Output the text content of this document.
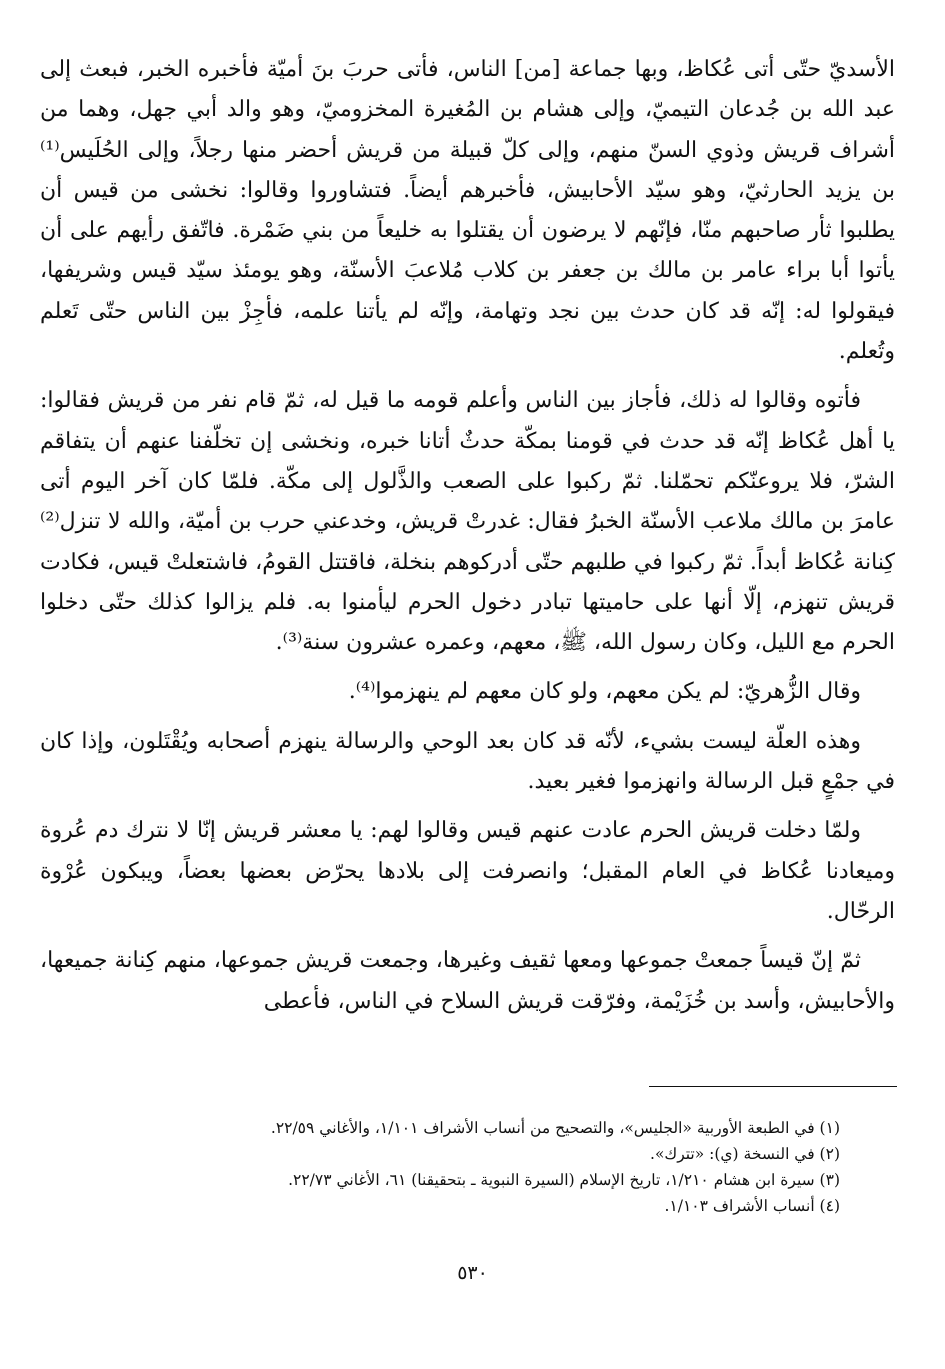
الأسديّ حتّى أتى عُكاظ، وبها جماعة [من] الناس، فأتى حربَ بنَ أميّة فأخبره الخبر، فبعث إلى عبد الله بن جُدعان التيميّ، وإلى هشام بن المُغيرة المخزوميّ، وهو والد أبي جهل، وهما من أشراف قريش وذوي السنّ منهم، وإلى كلّ قبيلة من قريش أحضر منها رجلاً، وإلى الحُلَيس⁽¹⁾ بن يزيد الحارثيّ، وهو سيّد الأحابيش، فأخبرهم أيضاً. فتشاوروا وقالوا: نخشى من قيس أن يطلبوا ثأر صاحبهم منّا، فإنّهم لا يرضون أن يقتلوا به خليعاً من بني ضَمْرة. فاتّفق رأيهم على أن يأتوا أبا براء عامر بن مالك بن جعفر بن كلاب مُلاعبَ الأسنّة، وهو يومئذ سيّد قيس وشريفها، فيقولوا له: إنّه قد كان حدث بين نجد وتهامة، وإنّه لم يأتنا علمه، فأجِزْ بين الناس حتّى تَعلم وتُعلم.

فأتوه وقالوا له ذلك، فأجاز بين الناس وأعلم قومه ما قيل له، ثمّ قام نفر من قريش فقالوا: يا أهل عُكاظ إنّه قد حدث في قومنا بمكّة حدثٌ أتانا خبره، ونخشى إن تخلّفنا عنهم أن يتفاقم الشرّ، فلا يروعنّكم تحمّلنا. ثمّ ركبوا على الصعب والذَّلول إلى مكّة. فلمّا كان آخر اليوم أتى عامرَ بن مالك ملاعب الأسنّة الخبرُ فقال: غدرتْ قريش، وخدعني حرب بن أميّة، والله لا تنزل⁽²⁾ كِنانة عُكاظ أبداً. ثمّ ركبوا في طلبهم حتّى أدركوهم بنخلة، فاقتتل القومُ، فاشتعلتْ قيس، فكادت قريش تنهزم، إلّا أنها على حاميتها تبادر دخول الحرم ليأمنوا به. فلم يزالوا كذلك حتّى دخلوا الحرم مع الليل، وكان رسول الله، ﷺ، معهم، وعمره عشرون سنة⁽³⁾.

وقال الزُّهريّ: لم يكن معهم، ولو كان معهم لم ينهزموا⁽⁴⁾.

وهذه العلّة ليست بشيء، لأنّه قد كان بعد الوحي والرسالة ينهزم أصحابه ويُقْتَلون، وإذا كان في جمْعٍ قبل الرسالة وانهزموا فغير بعيد.

ولمّا دخلت قريش الحرم عادت عنهم قيس وقالوا لهم: يا معشر قريش إنّا لا نترك دم عُروة وميعادنا عُكاظ في العام المقبل؛ وانصرفت إلى بلادها يحرّض بعضها بعضاً، ويبكون عُرْوة الرحّال.

ثمّ إنّ قيساً جمعتْ جموعها ومعها ثقيف وغيرها، وجمعت قريش جموعها، منهم كِنانة جميعها، والأحابيش، وأسد بن خُزَيْمة، وفرّقت قريش السلاح في الناس، فأعطى

(١) في الطبعة الأوربية «الجليس»، والتصحيح من أنساب الأشراف ١/١٠١، والأغاني ٢٢/٥٩.

(٢) في النسخة (ي): «تترك».

(٣) سيرة ابن هشام ١/٢١٠، تاريخ الإسلام (السيرة النبوية ـ بتحقيقنا) ٦١، الأغاني ٢٢/٧٣.

(٤) أنساب الأشراف ١/١٠٣.

٥٣٠
